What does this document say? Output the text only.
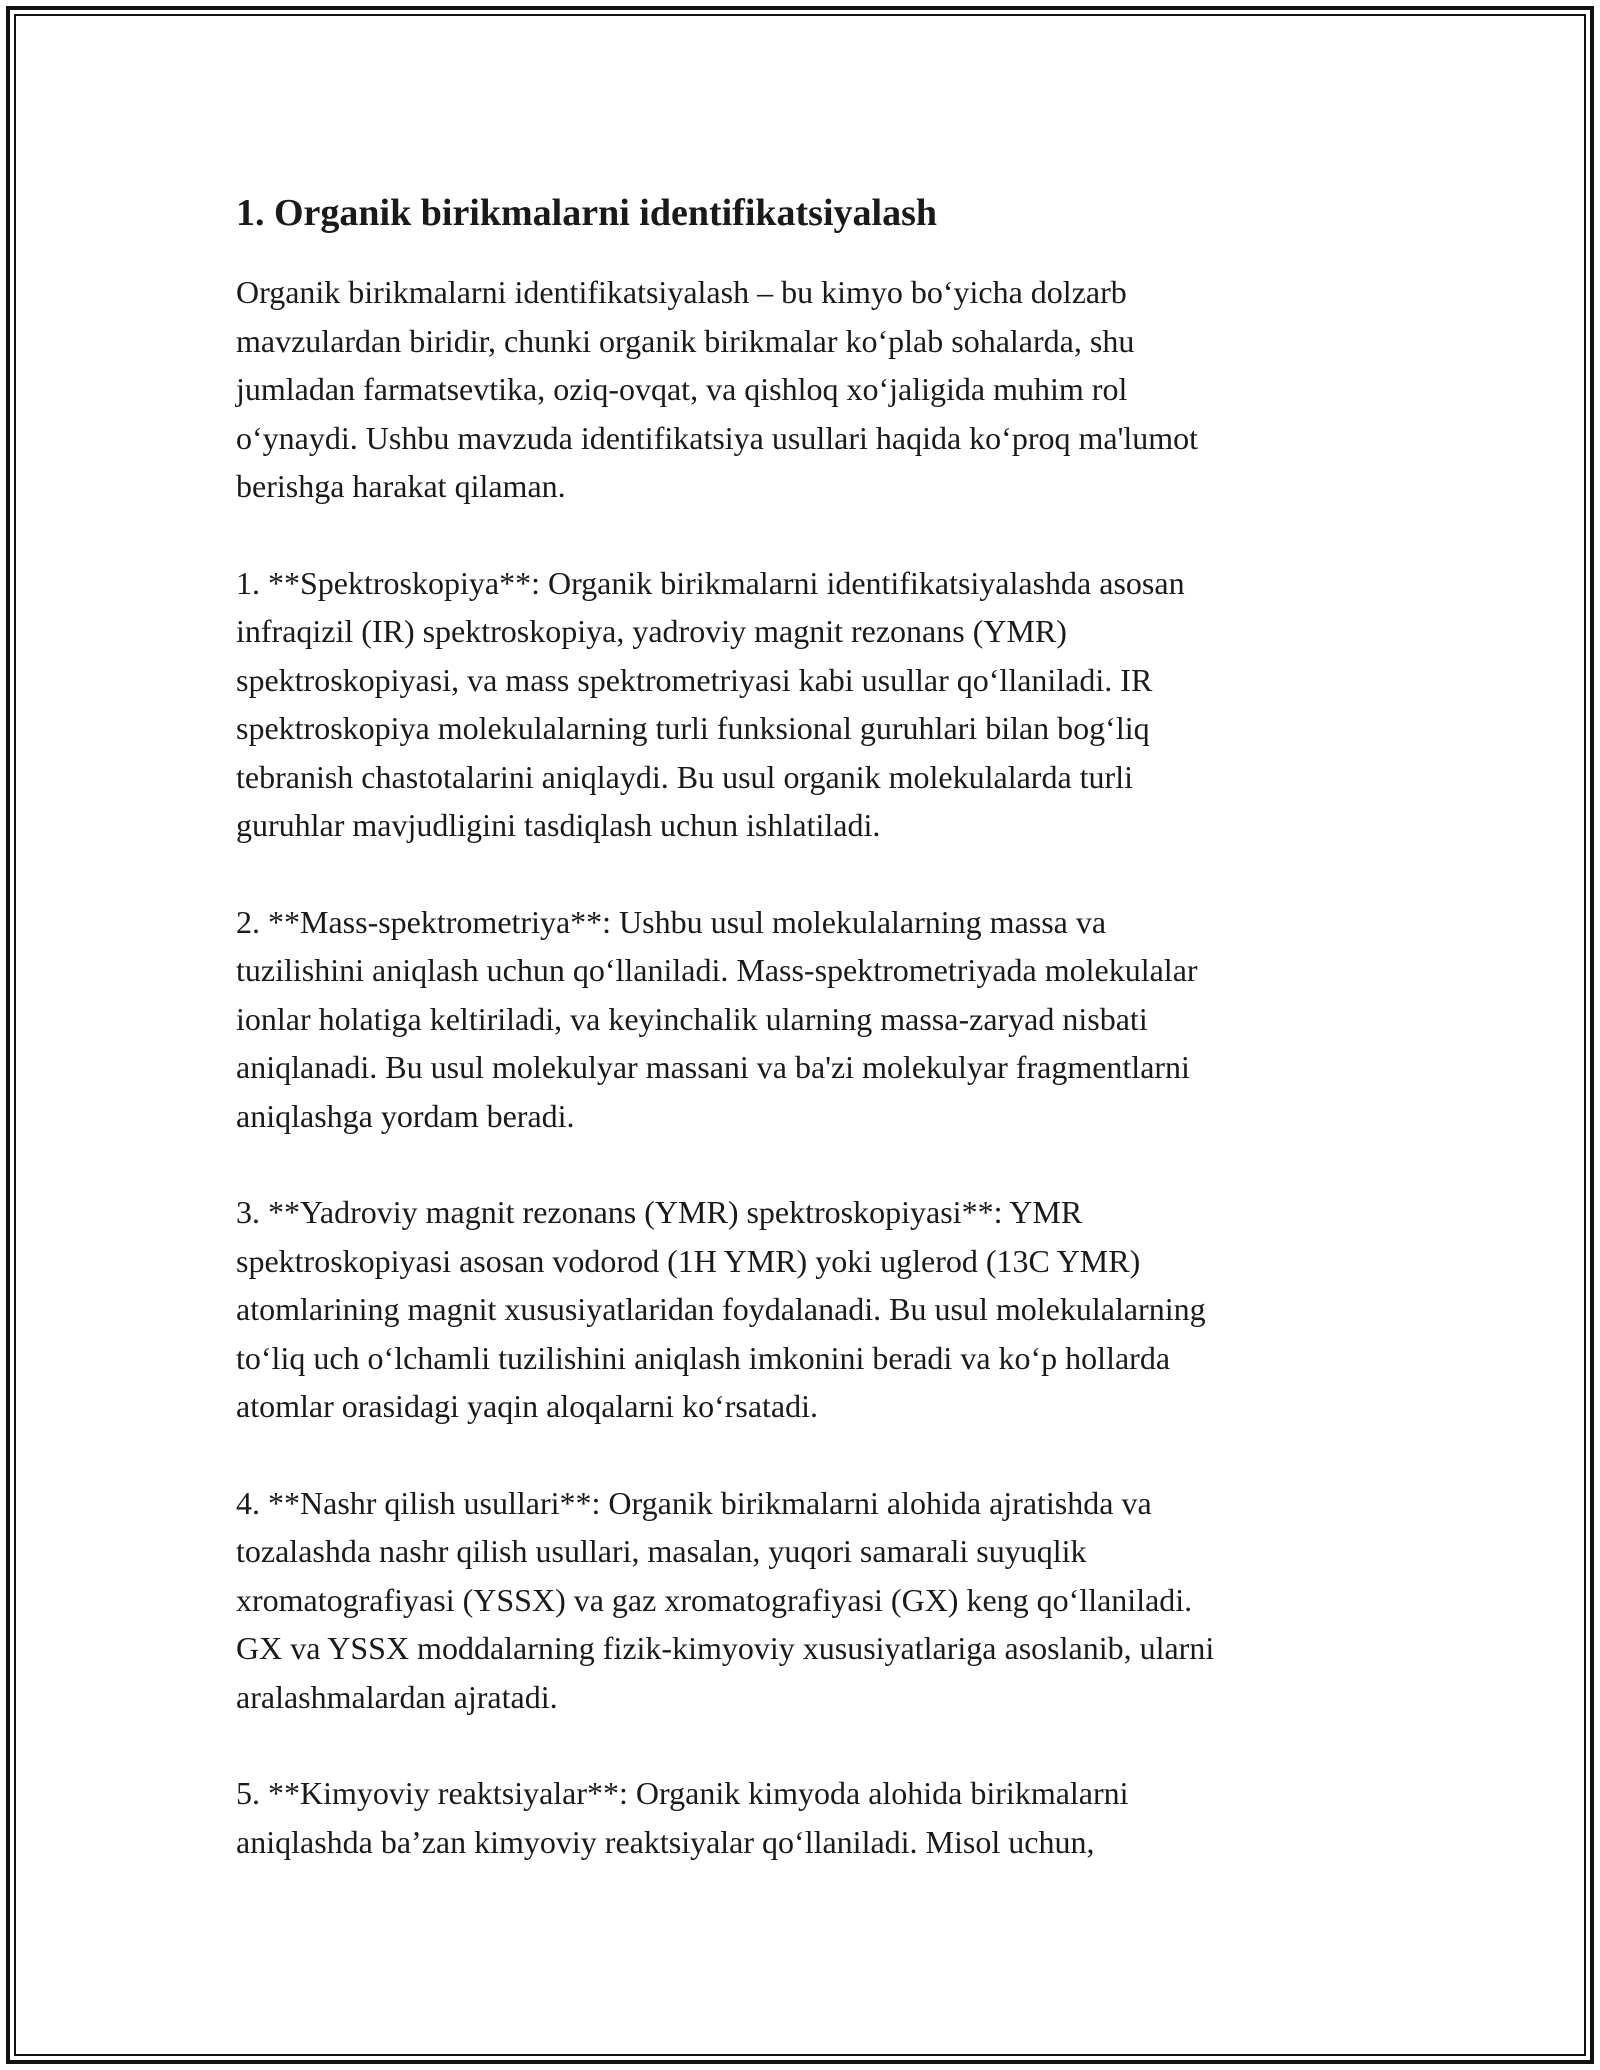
1. Organik birikmalarni identifikatsiyalash

Organik birikmalarni identifikatsiyalash – bu kimyo bo‘yicha dolzarb
mavzulardan biridir, chunki organik birikmalar ko‘plab sohalarda, shu
jumladan farmatsevtika, oziq-ovqat, va qishloq xo‘jaligida muhim rol
o‘ynaydi. Ushbu mavzuda identifikatsiya usullari haqida ko‘proq ma'lumot
berishga harakat qilaman.

1. **Spektroskopiya**: Organik birikmalarni identifikatsiyalashda asosan
infraqizil (IR) spektroskopiya, yadroviy magnit rezonans (YMR)
spektroskopiyasi, va mass spektrometriyasi kabi usullar qo‘llaniladi. IR
spektroskopiya molekulalarning turli funksional guruhlari bilan bog‘liq
tebranish chastotalarini aniqlaydi. Bu usul organik molekulalarda turli
guruhlar mavjudligini tasdiqlash uchun ishlatiladi.

2. **Mass-spektrometriya**: Ushbu usul molekulalarning massa va
tuzilishini aniqlash uchun qo‘llaniladi. Mass-spektrometriyada molekulalar
ionlar holatiga keltiriladi, va keyinchalik ularning massa-zaryad nisbati
aniqlanadi. Bu usul molekulyar massani va ba'zi molekulyar fragmentlarni
aniqlashga yordam beradi.

3. **Yadroviy magnit rezonans (YMR) spektroskopiyasi**: YMR
spektroskopiyasi asosan vodorod (1H YMR) yoki uglerod (13C YMR)
atomlarining magnit xususiyatlaridan foydalanadi. Bu usul molekulalarning
to‘liq uch o‘lchamli tuzilishini aniqlash imkonini beradi va ko‘p hollarda
atomlar orasidagi yaqin aloqalarni ko‘rsatadi.

4. **Nashr qilish usullari**: Organik birikmalarni alohida ajratishda va
tozalashda nashr qilish usullari, masalan, yuqori samarali suyuqlik
xromatografiyasi (YSSX) va gaz xromatografiyasi (GX) keng qo‘llaniladi.
GX va YSSX moddalarning fizik-kimyoviy xususiyatlariga asoslanib, ularni
aralashmalardan ajratadi.

5. **Kimyoviy reaktsiyalar**: Organik kimyoda alohida birikmalarni
aniqlashda ba’zan kimyoviy reaktsiyalar qo‘llaniladi. Misol uchun,
